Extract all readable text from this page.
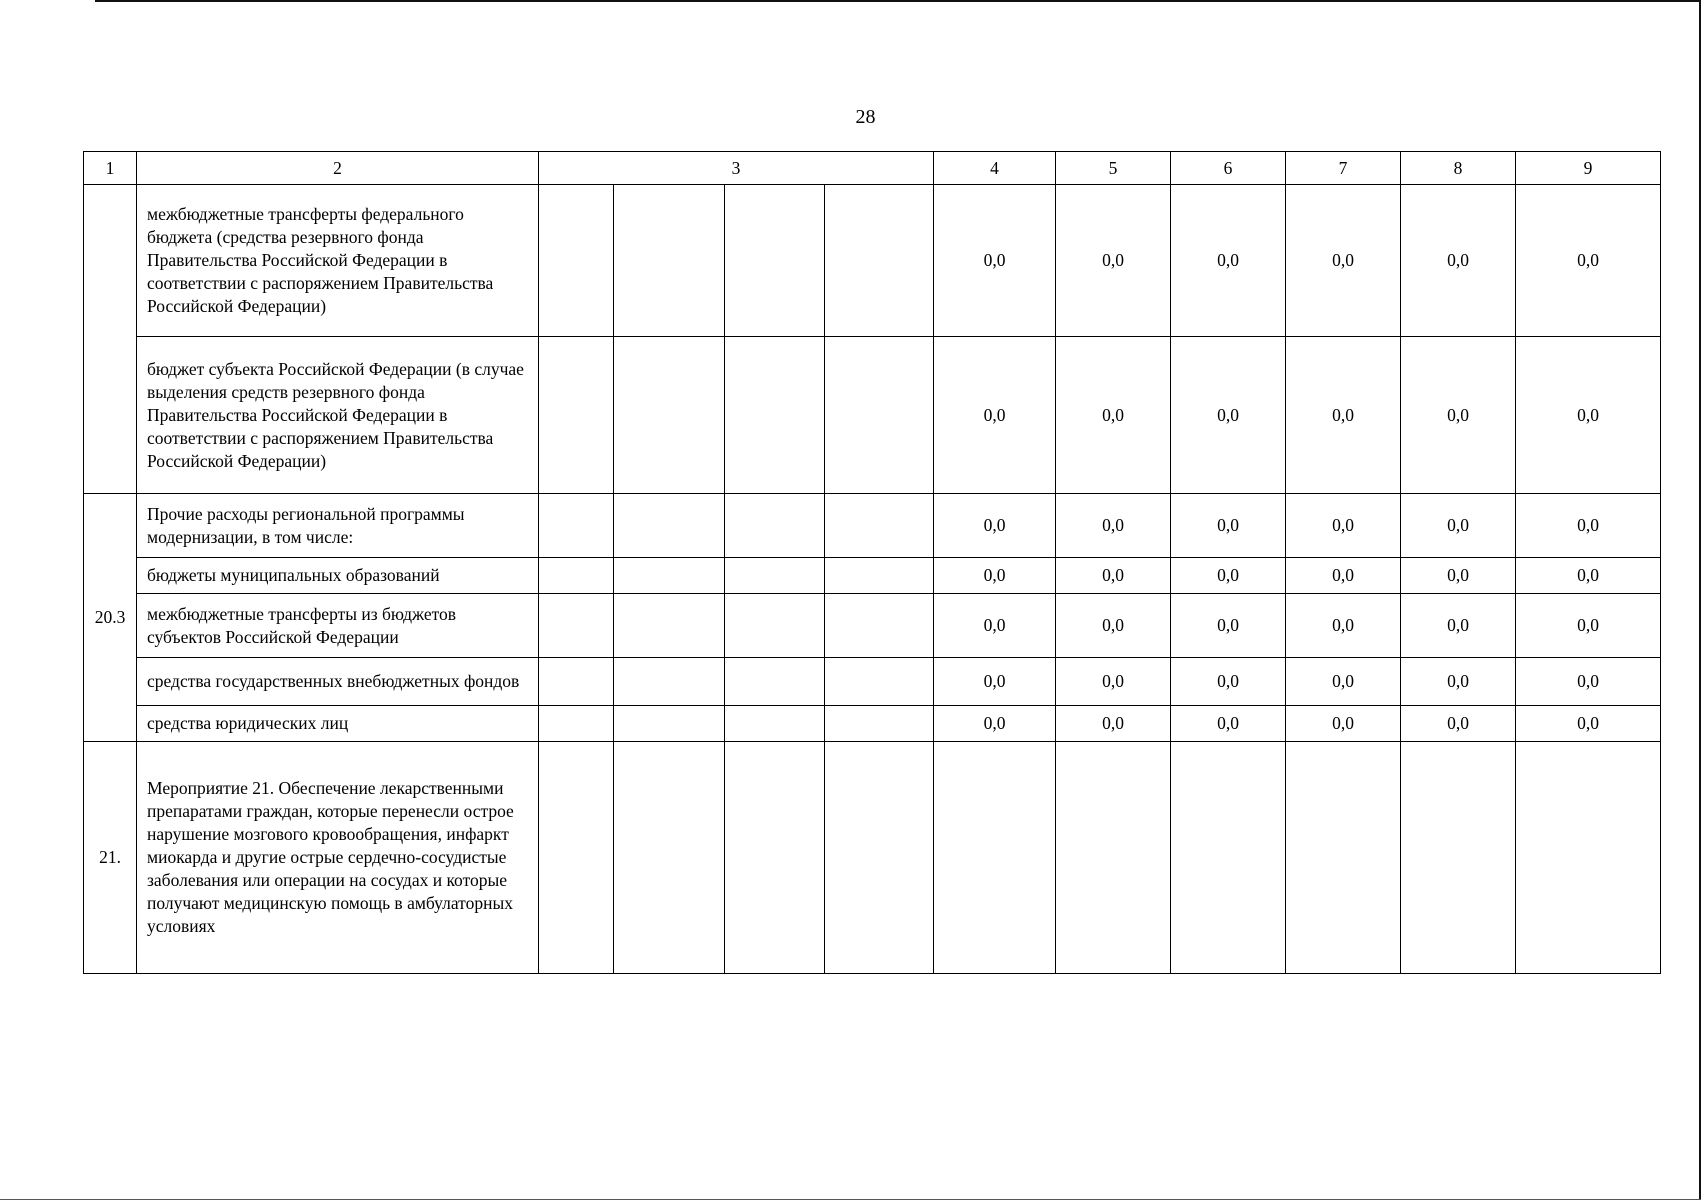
28
1	2	3				4	5	6	7	8	9
	межбюджетные трансферты федерального бюджета (средства резервного фонда Правительства Российской Федерации в соответствии с распоряжением Правительства Российской Федерации)					0,0	0,0	0,0	0,0	0,0	0,0
	бюджет субъекта Российской Федерации (в случае выделения средств резервного фонда Правительства Российской Федерации в соответствии с распоряжением Правительства Российской Федерации)					0,0	0,0	0,0	0,0	0,0	0,0
20.3	Прочие расходы региональной программы модернизации, в том числе:					0,0	0,0	0,0	0,0	0,0	0,0
	бюджеты муниципальных образований					0,0	0,0	0,0	0,0	0,0	0,0
	межбюджетные трансферты из бюджетов субъектов Российской Федерации					0,0	0,0	0,0	0,0	0,0	0,0
	средства государственных внебюджетных фондов					0,0	0,0	0,0	0,0	0,0	0,0
	средства юридических лиц					0,0	0,0	0,0	0,0	0,0	0,0
21.	Мероприятие 21. Обеспечение лекарственными препаратами граждан, которые перенесли острое нарушение мозгового кровообращения, инфаркт миокарда и другие острые сердечно-сосудистые заболевания или операции на сосудах и которые получают медицинскую помощь в амбулаторных условиях										
